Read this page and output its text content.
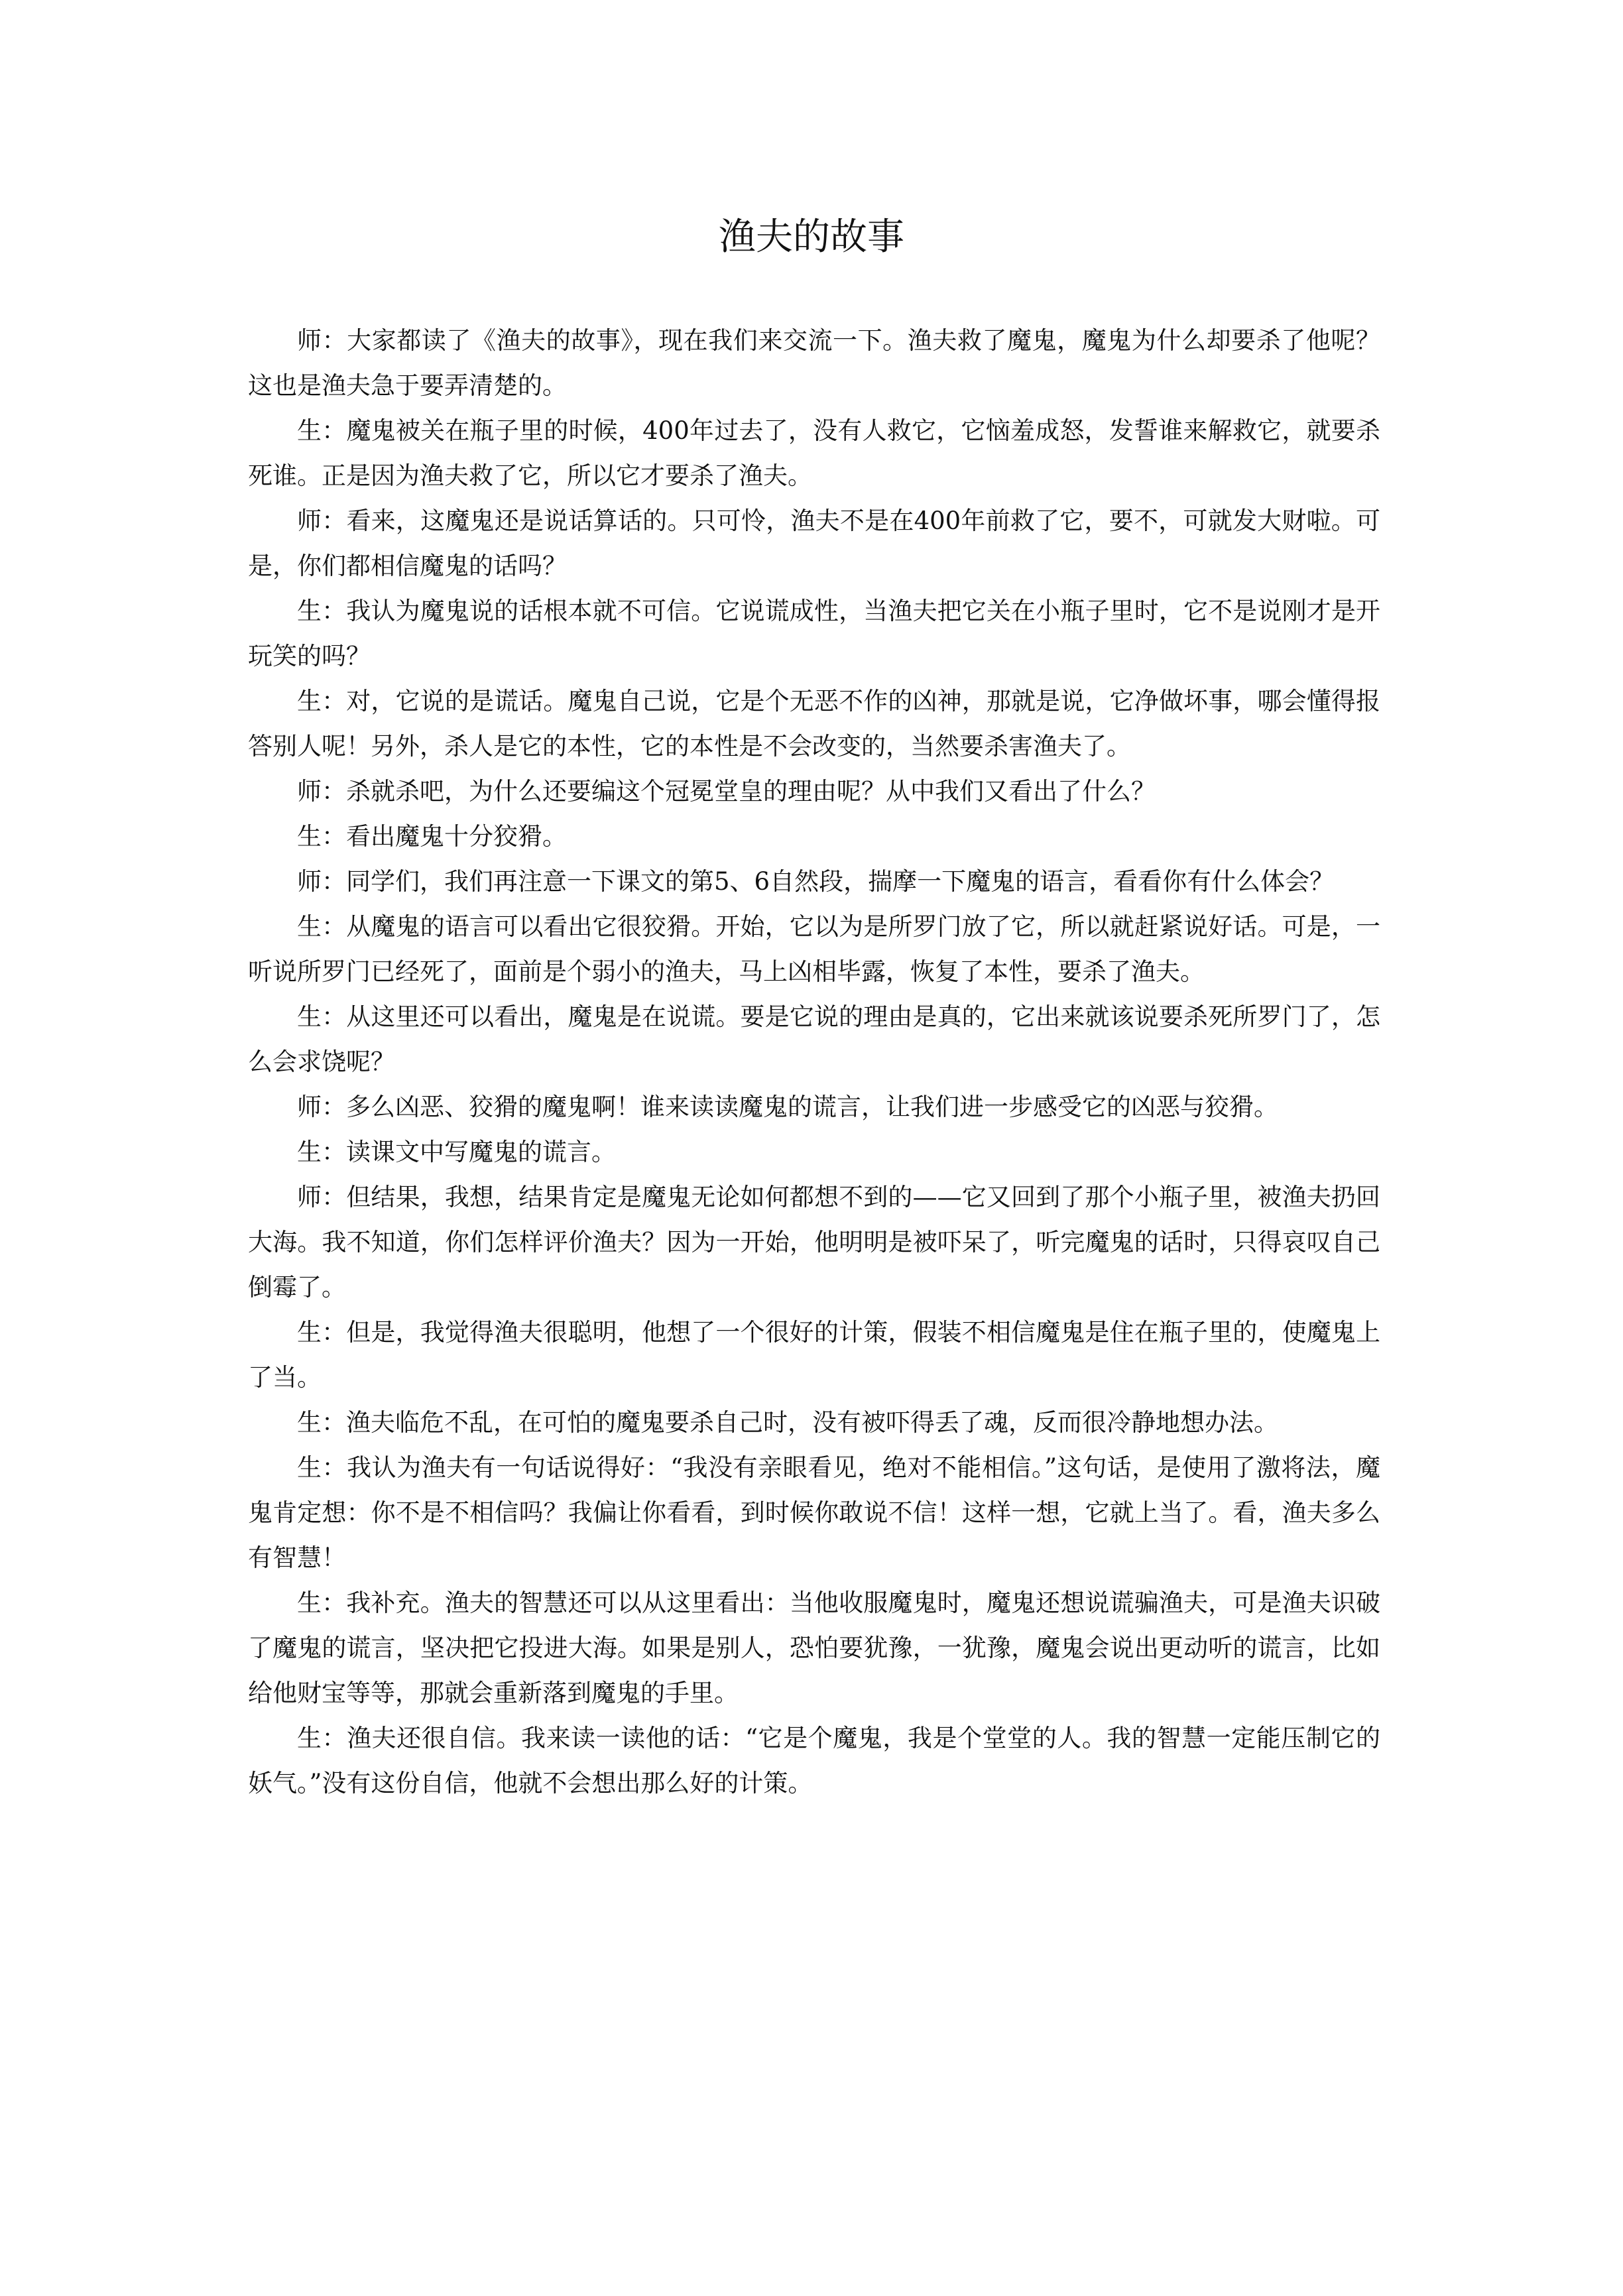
渔夫的故事

师：大家都读了《渔夫的故事》，现在我们来交流一下。渔夫救了魔鬼，魔鬼为什么却要杀了他呢？这也是渔夫急于要弄清楚的。

生：魔鬼被关在瓶子里的时候，400年过去了，没有人救它，它恼羞成怒，发誓谁来解救它，就要杀死谁。正是因为渔夫救了它，所以它才要杀了渔夫。

师：看来，这魔鬼还是说话算话的。只可怜，渔夫不是在400年前救了它，要不，可就发大财啦。可是，你们都相信魔鬼的话吗？

生：我认为魔鬼说的话根本就不可信。它说谎成性，当渔夫把它关在小瓶子里时，它不是说刚才是开玩笑的吗？

生：对，它说的是谎话。魔鬼自己说，它是个无恶不作的凶神，那就是说，它净做坏事，哪会懂得报答别人呢！另外，杀人是它的本性，它的本性是不会改变的，当然要杀害渔夫了。

师：杀就杀吧，为什么还要编这个冠冕堂皇的理由呢？从中我们又看出了什么？

生：看出魔鬼十分狡猾。

师：同学们，我们再注意一下课文的第5、6自然段，揣摩一下魔鬼的语言，看看你有什么体会？

生：从魔鬼的语言可以看出它很狡猾。开始，它以为是所罗门放了它，所以就赶紧说好话。可是，一听说所罗门已经死了，面前是个弱小的渔夫，马上凶相毕露，恢复了本性，要杀了渔夫。

生：从这里还可以看出，魔鬼是在说谎。要是它说的理由是真的，它出来就该说要杀死所罗门了，怎么会求饶呢？

师：多么凶恶、狡猾的魔鬼啊！谁来读读魔鬼的谎言，让我们进一步感受它的凶恶与狡猾。

生：读课文中写魔鬼的谎言。

师：但结果，我想，结果肯定是魔鬼无论如何都想不到的——它又回到了那个小瓶子里，被渔夫扔回大海。我不知道，你们怎样评价渔夫？因为一开始，他明明是被吓呆了，听完魔鬼的话时，只得哀叹自己倒霉了。

生：但是，我觉得渔夫很聪明，他想了一个很好的计策，假装不相信魔鬼是住在瓶子里的，使魔鬼上了当。

生：渔夫临危不乱，在可怕的魔鬼要杀自己时，没有被吓得丢了魂，反而很冷静地想办法。

生：我认为渔夫有一句话说得好：“我没有亲眼看见，绝对不能相信。”这句话，是使用了激将法，魔鬼肯定想：你不是不相信吗？我偏让你看看，到时候你敢说不信！这样一想，它就上当了。看，渔夫多么有智慧！

生：我补充。渔夫的智慧还可以从这里看出：当他收服魔鬼时，魔鬼还想说谎骗渔夫，可是渔夫识破了魔鬼的谎言，坚决把它投进大海。如果是别人，恐怕要犹豫，一犹豫，魔鬼会说出更动听的谎言，比如给他财宝等等，那就会重新落到魔鬼的手里。

生：渔夫还很自信。我来读一读他的话：“它是个魔鬼，我是个堂堂的人。我的智慧一定能压制它的妖气。”没有这份自信，他就不会想出那么好的计策。
